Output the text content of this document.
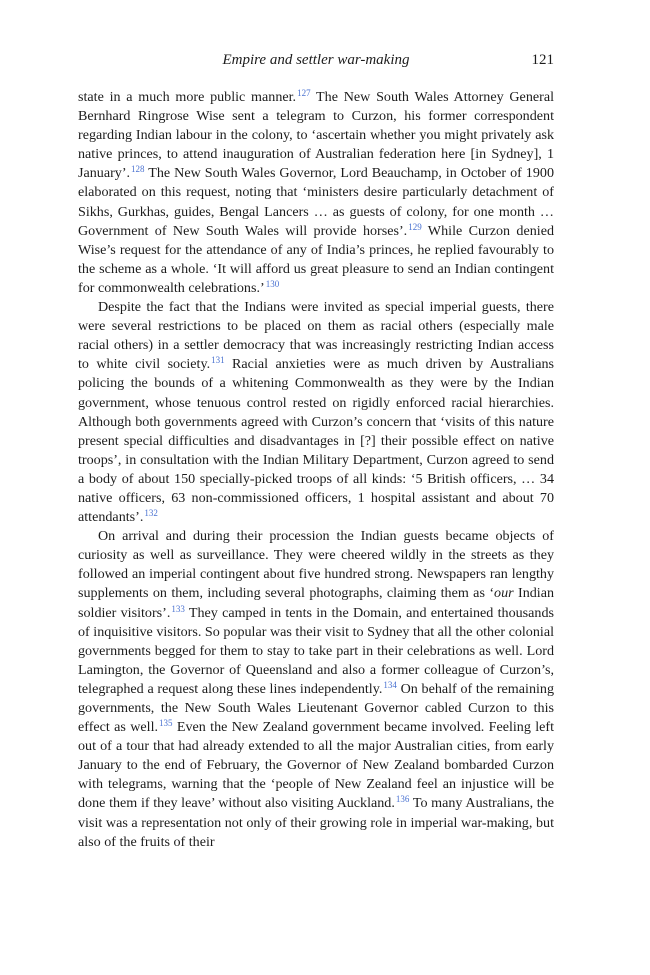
Empire and settler war-making	121

state in a much more public manner.$^{127}$ The New South Wales Attorney General Bernhard Ringrose Wise sent a telegram to Curzon, his former correspondent regarding Indian labour in the colony, to ‘ascertain whether you might privately ask native princes, to attend inauguration of Australian federation here [in Sydney], 1 January’.$^{128}$ The New South Wales Governor, Lord Beauchamp, in October of 1900 elaborated on this request, noting that ‘ministers desire particularly detachment of Sikhs, Gurkhas, guides, Bengal Lancers … as guests of colony, for one month … Government of New South Wales will provide horses’.$^{129}$ While Curzon denied Wise’s request for the attendance of any of India’s princes, he replied favourably to the scheme as a whole. ‘It will afford us great pleasure to send an Indian contingent for commonwealth celebrations.’$^{130}$

Despite the fact that the Indians were invited as special imperial guests, there were several restrictions to be placed on them as racial others (especially male racial others) in a settler democracy that was increasingly restricting Indian access to white civil society.$^{131}$ Racial anxieties were as much driven by Australians policing the bounds of a whitening Commonwealth as they were by the Indian government, whose tenuous control rested on rigidly enforced racial hierarchies. Although both governments agreed with Curzon’s concern that ‘visits of this nature present special difficulties and disadvantages in [?] their possible effect on native troops’, in consultation with the Indian Military Department, Curzon agreed to send a body of about 150 specially-picked troops of all kinds: ‘5 British officers, … 34 native officers, 63 non-commissioned officers, 1 hospital assistant and about 70 attendants’.$^{132}$

On arrival and during their procession the Indian guests became objects of curiosity as well as surveillance. They were cheered wildly in the streets as they followed an imperial contingent about five hundred strong. Newspapers ran lengthy supplements on them, including several photographs, claiming them as ‘our Indian soldier visitors’.$^{133}$ They camped in tents in the Domain, and entertained thousands of inquisitive visitors. So popular was their visit to Sydney that all the other colonial governments begged for them to stay to take part in their celebrations as well. Lord Lamington, the Governor of Queensland and also a former colleague of Curzon’s, telegraphed a request along these lines independently.$^{134}$ On behalf of the remaining governments, the New South Wales Lieutenant Governor cabled Curzon to this effect as well.$^{135}$ Even the New Zealand government became involved. Feeling left out of a tour that had already extended to all the major Australian cities, from early January to the end of February, the Governor of New Zealand bombarded Curzon with telegrams, warning that the ‘people of New Zealand feel an injustice will be done them if they leave’ without also visiting Auckland.$^{136}$ To many Australians, the visit was a representation not only of their growing role in imperial war-making, but also of the fruits of their
